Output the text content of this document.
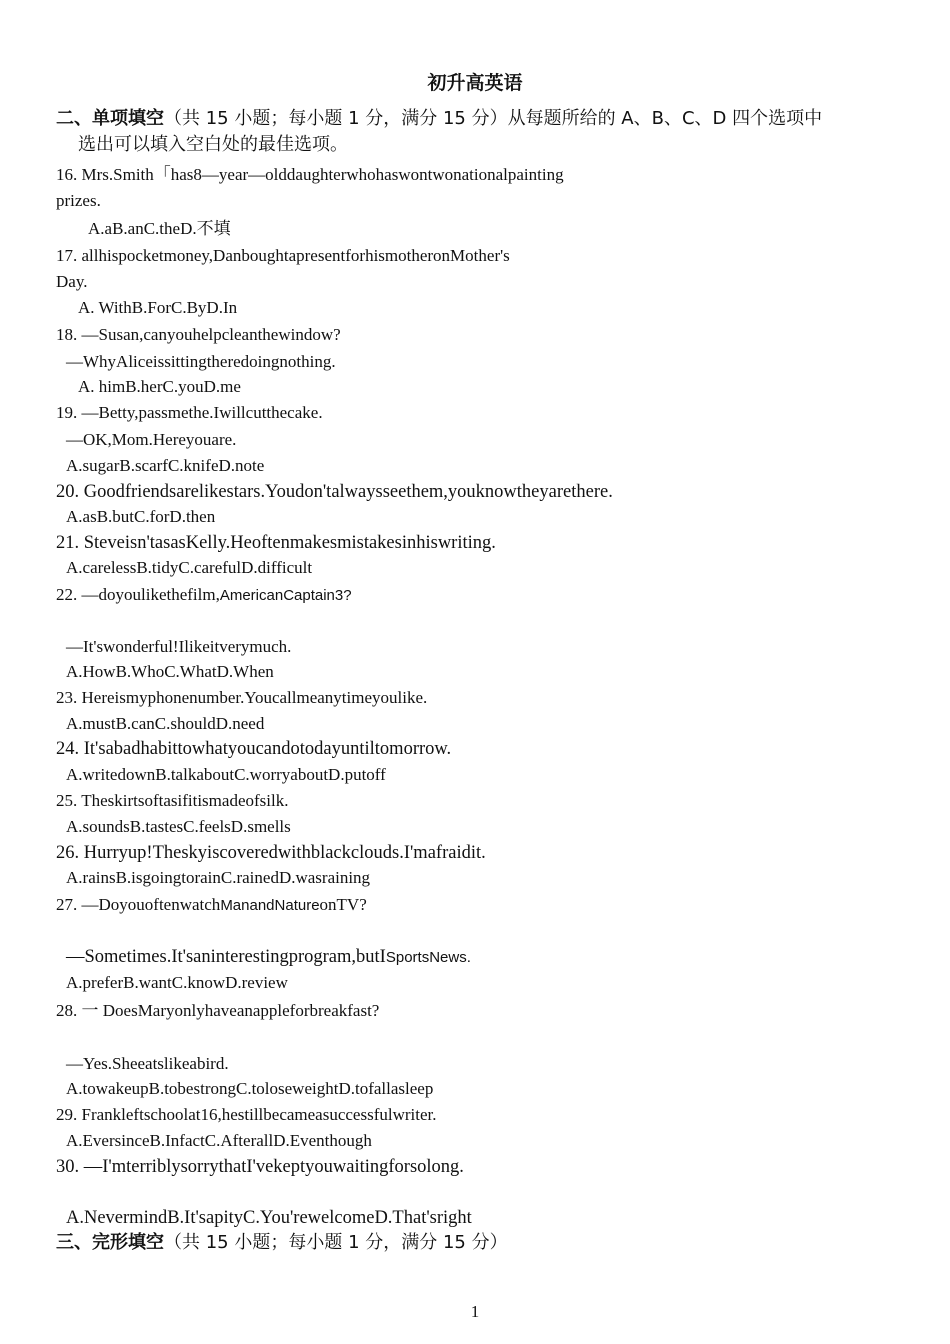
初升高英语
二、单项填空（共 15 小题；每小题 1 分，满分 15 分）从每题所给的 A、B、C、D 四个选项中
选出可以填入空白处的最佳选项。
16. Mrs.Smith「has8—year—olddaughterwhohaswontwonationalpainting
prizes.
A.aB.anC.theD.不填
17. allhispocketmoney,DanboughtapresentforhismotheronMother's
Day.
A. WithB.ForC.ByD.In
18. —Susan,canyouhelpcleanthewindow?
—WhyAliceissittingtheredoingnothing.
A. himB.herC.youD.me
19. —Betty,passmethe.Iwillcutthecake.
—OK,Mom.Hereyouare.
A.sugarB.scarfC.knifeD.note
20. Goodfriendsarelikestars.Youdon'talwaysseethem,youknowtheyarethere.
A.asB.butC.forD.then
21. Steveisn'tasasKelly.Heoftenmakesmistakesinhiswriting.
A.carelessB.tidyC.carefulD.difficult
22. —doyoulikethefilm,AmericanCaptain3?
—It'swonderful!Ilikeitverymuch.
A.HowB.WhoC.WhatD.When
23. Hereismyphonenumber.Youcallmeanytimeyoulike.
A.mustB.canC.shouldD.need
24. It'sabadhabittowhatyoucandotodayuntiltomorrow.
A.writedownB.talkaboutC.worryaboutD.putoff
25. Theskirtsoftasifitismadeofsilk.
A.soundsB.tastesC.feelsD.smells
26. Hurryup!Theskyiscoveredwithblackclouds.I'mafraidit.
A.rainsB.isgoingtorainC.rainedD.wasraining
27. —DoyouoftenwatchManandNatureonTV?
—Sometimes.It'saninterestingprogram,butISportsNews.
A.preferB.wantC.knowD.review
28. 一 DoesMaryonlyhaveanappleforbreakfast?
—Yes.Sheeatslikeabird.
A.towakeupB.tobestrongC.toloseweightD.tofallasleep
29. Frankleftschoolat16,hestillbecameasuccessfulwriter.
A.EversinceB.InfactC.AfterallD.Eventhough
30. —I'mterriblysorrythatI'vekeptyouwaitingforsolong.
A.NevermindB.It'sapityC.You'rewelcomeD.That'sright
三、完形填空（共 15 小题；每小题 1 分，满分 15 分）
1
